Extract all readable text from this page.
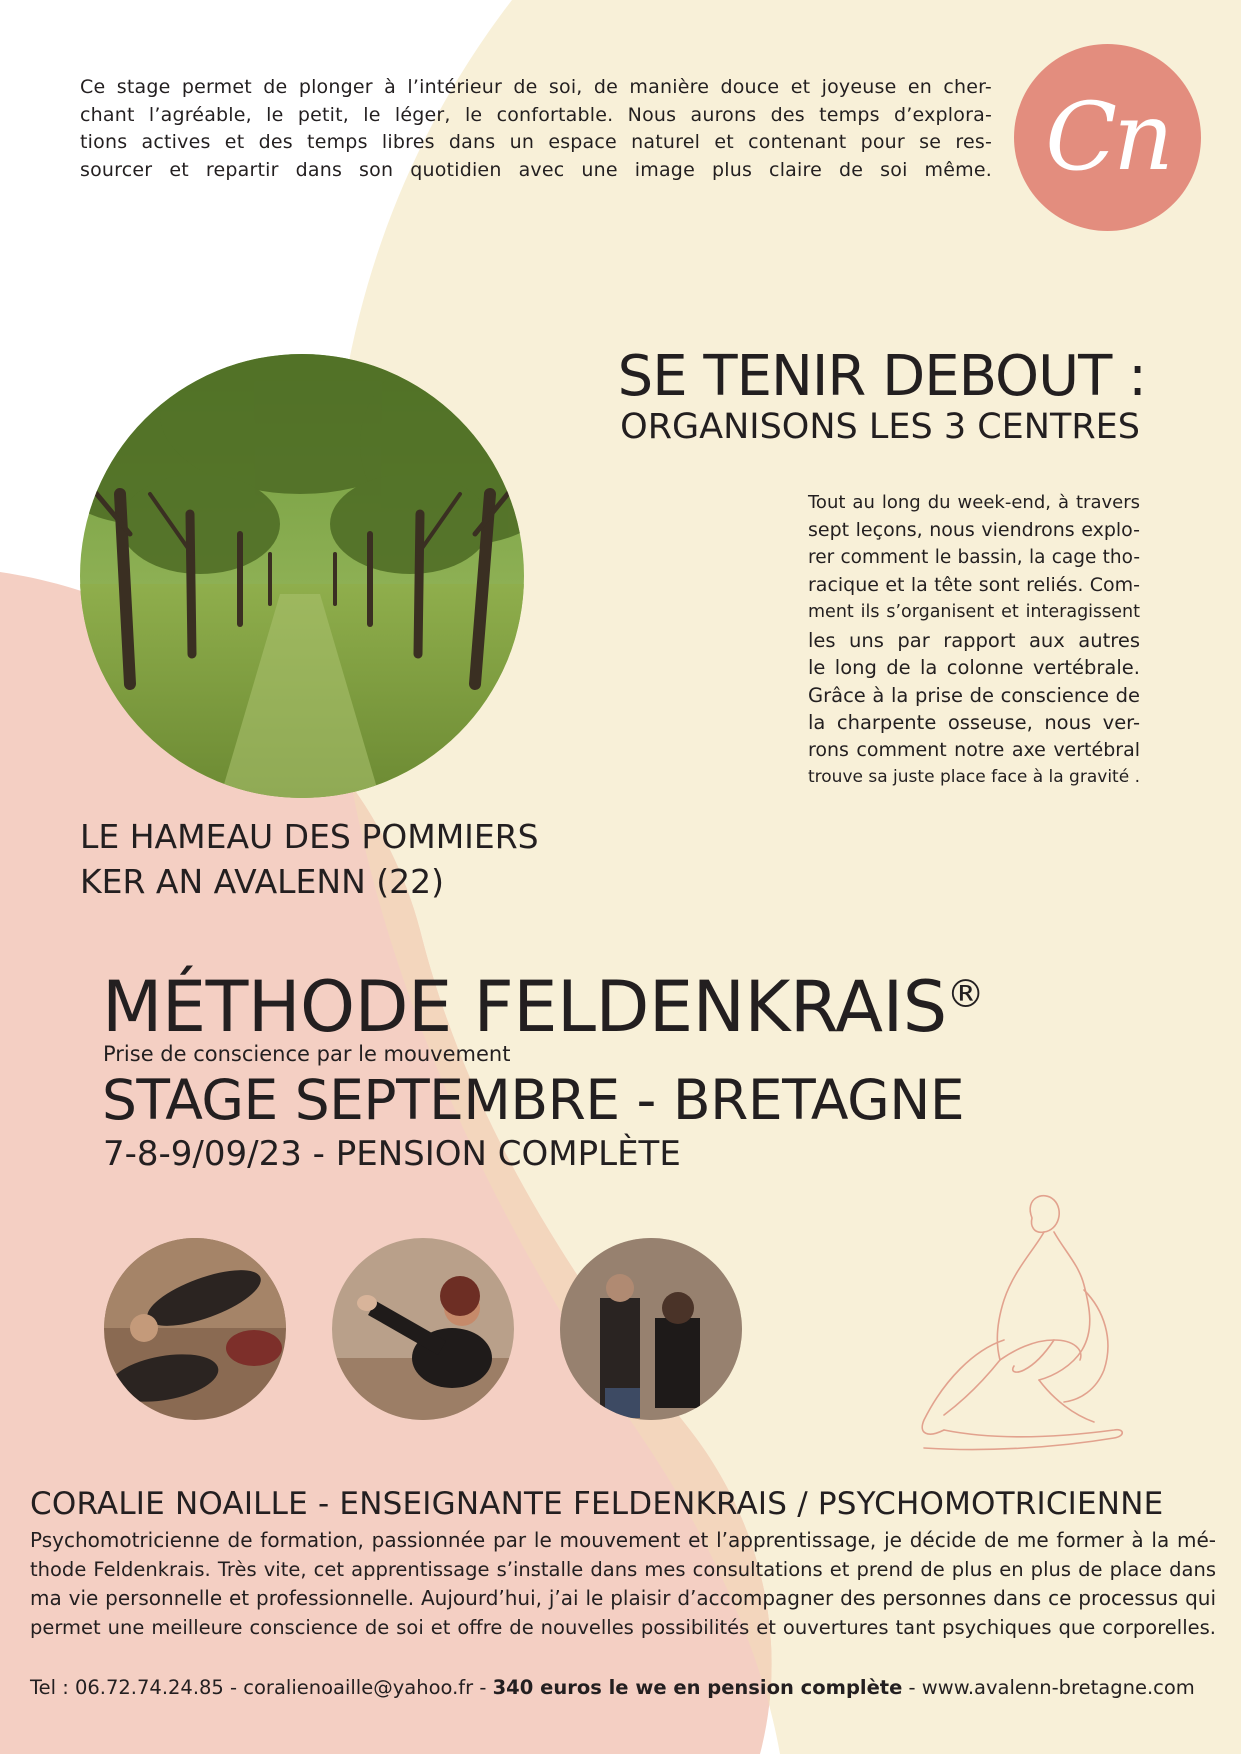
Ce stage permet de plonger à l’intérieur de soi, de manière douce et joyeuse en cher-
chant l’agréable, le petit, le léger, le confortable. Nous aurons des temps d’explora-
tions actives et des temps libres dans un espace naturel et contenant pour se res-
sourcer et repartir dans son quotidien avec une image plus claire de soi même. Cn
SE TENIR DEBOUT :
ORGANISONS LES 3 CENTRES
Tout au long du week-end, à travers
sept leçons, nous viendrons explo-
rer comment le bassin, la cage tho-
racique et la tête sont reliés. Com-
ment ils s’organisent et interagissent
les uns par rapport aux autres
le long de la colonne vertébrale.
Grâce à la prise de conscience de
la charpente osseuse, nous ver-
rons comment notre axe vertébral
trouve sa juste place face à la gravité .
LE HAMEAU DES POMMIERS
KER AN AVALENN (22)
MÉTHODE FELDENKRAIS®
Prise de conscience par le mouvement
STAGE SEPTEMBRE - BRETAGNE
7-8-9/09/23 - PENSION COMPLÈTE
CORALIE NOAILLE - ENSEIGNANTE FELDENKRAIS / PSYCHOMOTRICIENNE
Psychomotricienne de formation, passionnée par le mouvement et l’apprentissage, je décide de me former à la mé-
thode Feldenkrais. Très vite, cet apprentissage s’installe dans mes consultations et prend de plus en plus de place dans
ma vie personnelle et professionnelle. Aujourd’hui, j’ai le plaisir d’accompagner des personnes dans ce processus qui
permet une meilleure conscience de soi et offre de nouvelles possibilités et ouvertures tant psychiques que corporelles.
Tel : 06.72.74.24.85 - coralienoaille@yahoo.fr - 340 euros le we en pension complète - www.avalenn-bretagne.com
